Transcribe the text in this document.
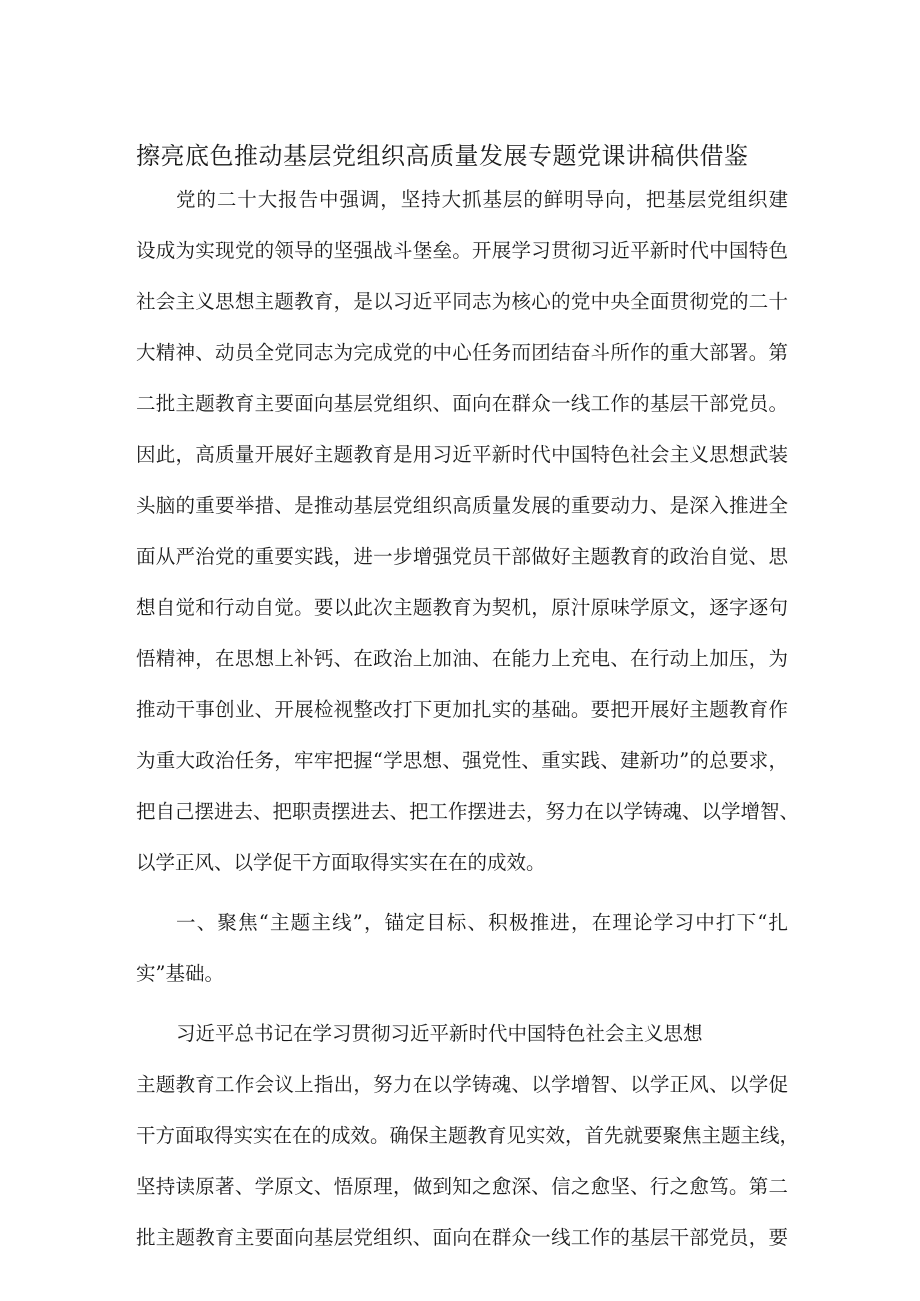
擦亮底色推动基层党组织高质量发展专题党课讲稿供借鉴

党的二十大报告中强调，坚持大抓基层的鲜明导向，把基层党组织建

设成为实现党的领导的坚强战斗堡垒。开展学习贯彻习近平新时代中国特色

社会主义思想主题教育，是以习近平同志为核心的党中央全面贯彻党的二十

大精神、动员全党同志为完成党的中心任务而团结奋斗所作的重大部署。第

二批主题教育主要面向基层党组织、面向在群众一线工作的基层干部党员。

因此，高质量开展好主题教育是用习近平新时代中国特色社会主义思想武装

头脑的重要举措、是推动基层党组织高质量发展的重要动力、是深入推进全

面从严治党的重要实践，进一步增强党员干部做好主题教育的政治自觉、思

想自觉和行动自觉。要以此次主题教育为契机，原汁原味学原文，逐字逐句

悟精神，在思想上补钙、在政治上加油、在能力上充电、在行动上加压，为

推动干事创业、开展检视整改打下更加扎实的基础。要把开展好主题教育作

为重大政治任务，牢牢把握“学思想、强党性、重实践、建新功”的总要求，

把自己摆进去、把职责摆进去、把工作摆进去，努力在以学铸魂、以学增智、

以学正风、以学促干方面取得实实在在的成效。

一、聚焦“主题主线”，锚定目标、积极推进，在理论学习中打下“扎

实”基础。

习近平总书记在学习贯彻习近平新时代中国特色社会主义思想

主题教育工作会议上指出，努力在以学铸魂、以学增智、以学正风、以学促

干方面取得实实在在的成效。确保主题教育见实效，首先就要聚焦主题主线，

坚持读原著、学原文、悟原理，做到知之愈深、信之愈坚、行之愈笃。第二

批主题教育主要面向基层党组织、面向在群众一线工作的基层干部党员，要
